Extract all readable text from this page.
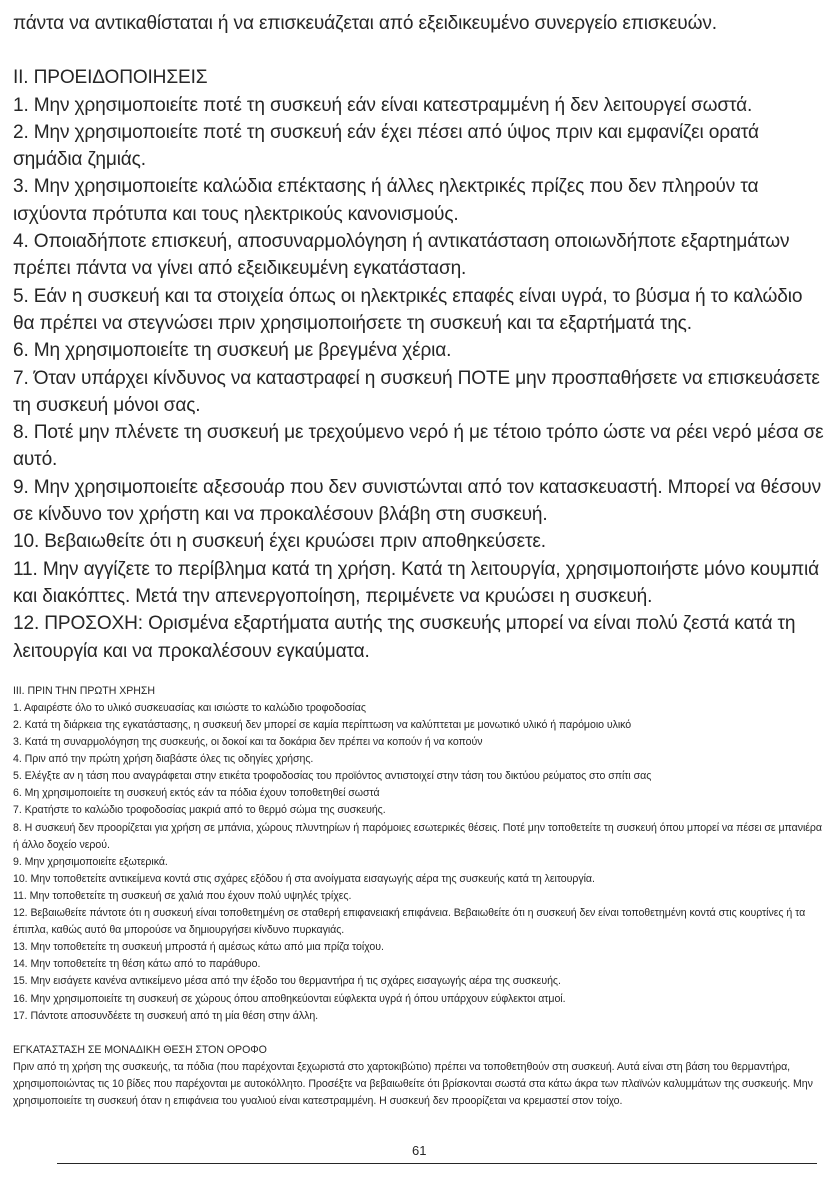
πάντα να αντικαθίσταται ή να επισκευάζεται από εξειδικευμένο συνεργείο επισκευών.

II. ΠΡΟΕΙΔΟΠΟΙΗΣΕΙΣ

1. Μην χρησιμοποιείτε ποτέ τη συσκευή εάν είναι κατεστραμμένη ή δεν λειτουργεί σωστά.

2. Μην χρησιμοποιείτε ποτέ τη συσκευή εάν έχει πέσει από ύψος πριν και εμφανίζει ορατά σημάδια ζημιάς.

3. Μην χρησιμοποιείτε καλώδια επέκτασης ή άλλες ηλεκτρικές πρίζες που δεν πληρούν τα ισχύοντα πρότυπα και τους ηλεκτρικούς κανονισμούς.

4. Οποιαδήποτε επισκευή, αποσυναρμολόγηση ή αντικατάσταση οποιωνδήποτε εξαρτημάτων πρέπει πάντα να γίνει από εξειδικευμένη εγκατάσταση.

5. Εάν η συσκευή και τα στοιχεία όπως οι ηλεκτρικές επαφές είναι υγρά, το βύσμα ή το καλώδιο θα πρέπει να στεγνώσει πριν χρησιμοποιήσετε τη συσκευή και τα εξαρτήματά της.

6. Μη χρησιμοποιείτε τη συσκευή με βρεγμένα χέρια.

7. Όταν υπάρχει κίνδυνος να καταστραφεί η συσκευή ΠΟΤΕ μην προσπαθήσετε να επισκευάσετε τη συσκευή μόνοι σας.

8. Ποτέ μην πλένετε τη συσκευή με τρεχούμενο νερό ή με τέτοιο τρόπο ώστε να ρέει νερό μέσα σε αυτό.

9. Μην χρησιμοποιείτε αξεσουάρ που δεν συνιστώνται από τον κατασκευαστή. Μπορεί να θέσουν σε κίνδυνο τον χρήστη και να προκαλέσουν βλάβη στη συσκευή.

10. Βεβαιωθείτε ότι η συσκευή έχει κρυώσει πριν αποθηκεύσετε.

11. Μην αγγίζετε το περίβλημα κατά τη χρήση. Κατά τη λειτουργία, χρησιμοποιήστε μόνο κουμπιά και διακόπτες. Μετά την απενεργοποίηση, περιμένετε να κρυώσει η συσκευή.

12. ΠΡΟΣΟΧΗ: Ορισμένα εξαρτήματα αυτής της συσκευής μπορεί να είναι πολύ ζεστά κατά τη λειτουργία και να προκαλέσουν εγκαύματα.

III. ΠΡΙΝ ΤΗΝ ΠΡΩΤΗ ΧΡΗΣΗ

1. Αφαιρέστε όλο το υλικό συσκευασίας και ισιώστε το καλώδιο τροφοδοσίας

2. Κατά τη διάρκεια της εγκατάστασης, η συσκευή δεν μπορεί σε καμία περίπτωση να καλύπτεται με μονωτικό υλικό ή παρόμοιο υλικό

3. Κατά τη συναρμολόγηση της συσκευής, οι δοκοί και τα δοκάρια δεν πρέπει να κοπούν ή να κοπούν

4. Πριν από την πρώτη χρήση διαβάστε όλες τις οδηγίες χρήσης.

5. Ελέγξτε αν η τάση που αναγράφεται στην ετικέτα τροφοδοσίας του προϊόντος αντιστοιχεί στην τάση του δικτύου ρεύματος στο σπίτι σας

6. Μη χρησιμοποιείτε τη συσκευή εκτός εάν τα πόδια έχουν τοποθετηθεί σωστά

7. Κρατήστε το καλώδιο τροφοδοσίας μακριά από το θερμό σώμα της συσκευής.

8. Η συσκευή δεν προορίζεται για χρήση σε μπάνια, χώρους πλυντηρίων ή παρόμοιες εσωτερικές θέσεις. Ποτέ μην τοποθετείτε τη συσκευή όπου μπορεί να πέσει σε μπανιέρα ή άλλο δοχείο νερού.

9. Μην χρησιμοποιείτε εξωτερικά.

10. Μην τοποθετείτε αντικείμενα κοντά στις σχάρες εξόδου ή στα ανοίγματα εισαγωγής αέρα της συσκευής κατά τη λειτουργία.

11. Μην τοποθετείτε τη συσκευή σε χαλιά που έχουν πολύ υψηλές τρίχες.

12. Βεβαιωθείτε πάντοτε ότι η συσκευή είναι τοποθετημένη σε σταθερή επιφανειακή επιφάνεια. Βεβαιωθείτε ότι η συσκευή δεν είναι τοποθετημένη κοντά στις κουρτίνες ή τα έπιπλα, καθώς αυτό θα μπορούσε να δημιουργήσει κίνδυνο πυρκαγιάς.

13. Μην τοποθετείτε τη συσκευή μπροστά ή αμέσως κάτω από μια πρίζα τοίχου.

14. Μην τοποθετείτε τη θέση κάτω από το παράθυρο.

15. Μην εισάγετε κανένα αντικείμενο μέσα από την έξοδο του θερμαντήρα ή τις σχάρες εισαγωγής αέρα της συσκευής.

16. Μην χρησιμοποιείτε τη συσκευή σε χώρους όπου αποθηκεύονται εύφλεκτα υγρά ή όπου υπάρχουν εύφλεκτοι ατμοί.

17. Πάντοτε αποσυνδέετε τη συσκευή από τη μία θέση στην άλλη.

ΕΓΚΑΤΑΣΤΑΣΗ ΣΕ ΜΟΝΑΔΙΚΗ ΘΕΣΗ ΣΤΟΝ ΟΡΟΦΟ

Πριν από τη χρήση της συσκευής, τα πόδια (που παρέχονται ξεχωριστά στο χαρτοκιβώτιο) πρέπει να τοποθετηθούν στη συσκευή. Αυτά είναι στη βάση του θερμαντήρα, χρησιμοποιώντας τις 10 βίδες που παρέχονται με αυτοκόλλητο. Προσέξτε να βεβαιωθείτε ότι βρίσκονται σωστά στα κάτω άκρα των πλαϊνών καλυμμάτων της συσκευής. Μην χρησιμοποιείτε τη συσκευή όταν η επιφάνεια του γυαλιού είναι κατεστραμμένη. Η συσκευή δεν προορίζεται να κρεμαστεί στον τοίχο.

61
